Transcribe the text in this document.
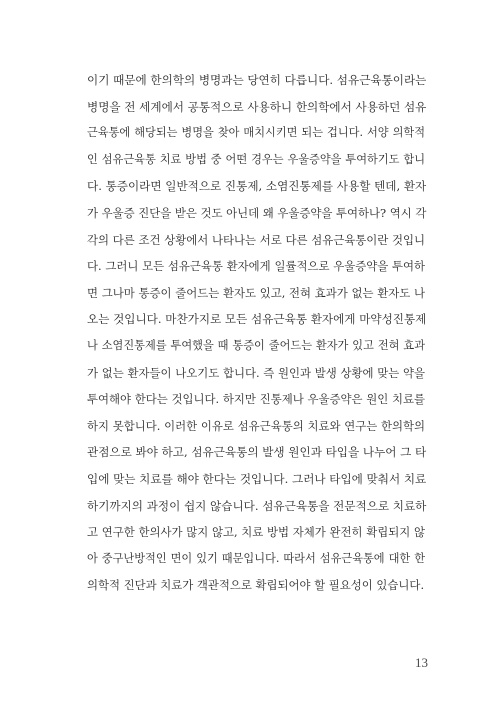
이기 때문에 한의학의 병명과는 당연히 다릅니다. 섬유근육통이라는
병명을 전 세계에서 공통적으로 사용하니 한의학에서 사용하던 섬유
근육통에 해당되는 병명을 찾아 매치시키면 되는 겁니다. 서양 의학적
인 섬유근육통 치료 방법 중 어떤 경우는 우울증약을 투여하기도 합니
다. 통증이라면 일반적으로 진통제, 소염진통제를 사용할 텐데, 환자
가 우울증 진단을 받은 것도 아닌데 왜 우울증약을 투여하나? 역시 각
각의 다른 조건 상황에서 나타나는 서로 다른 섬유근육통이란 것입니
다. 그러니 모든 섬유근육통 환자에게 일률적으로 우울증약을 투여하
면 그나마 통증이 줄어드는 환자도 있고, 전혀 효과가 없는 환자도 나
오는 것입니다. 마찬가지로 모든 섬유근육통 환자에게 마약성진통제
나 소염진통제를 투여했을 때 통증이 줄어드는 환자가 있고 전혀 효과
가 없는 환자들이 나오기도 합니다. 즉 원인과 발생 상황에 맞는 약을
투여해야 한다는 것입니다. 하지만 진통제나 우울증약은 원인 치료를
하지 못합니다. 이러한 이유로 섬유근육통의 치료와 연구는 한의학의
관점으로 봐야 하고, 섬유근육통의 발생 원인과 타입을 나누어 그 타
입에 맞는 치료를 해야 한다는 것입니다. 그러나 타입에 맞춰서 치료
하기까지의 과정이 쉽지 않습니다. 섬유근육통을 전문적으로 치료하
고 연구한 한의사가 많지 않고, 치료 방법 자체가 완전히 확립되지 않
아 중구난방적인 면이 있기 때문입니다. 따라서 섬유근육통에 대한 한
의학적 진단과 치료가 객관적으로 확립되어야 할 필요성이 있습니다.
13
